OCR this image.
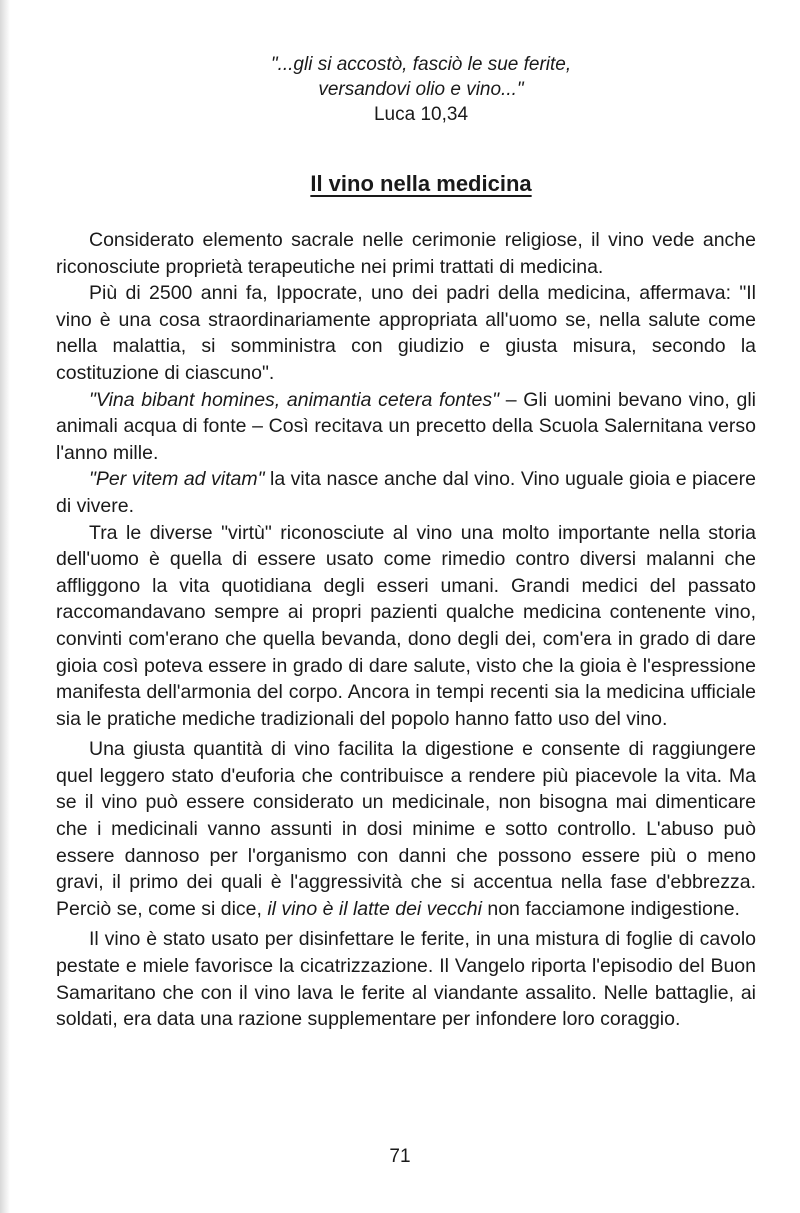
"...gli si accostò, fasciò le sue ferite,
versandovi olio e vino..."
Luca 10,34
Il vino nella medicina

Considerato elemento sacrale nelle cerimonie religiose, il vino vede anche riconosciute proprietà terapeutiche nei primi trattati di medicina.

Più di 2500 anni fa, Ippocrate, uno dei padri della medicina, affermava: "Il vino è una cosa straordinariamente appropriata all'uomo se, nella salute come nella malattia, si somministra con giudizio e giusta misura, secondo la costituzione di ciascuno".

"Vina bibant homines, animantia cetera fontes" – Gli uomini bevano vino, gli animali acqua di fonte – Così recitava un precetto della Scuola Salernitana verso l'anno mille.

"Per vitem ad vitam" la vita nasce anche dal vino. Vino uguale gioia e piacere di vivere.

Tra le diverse "virtù" riconosciute al vino una molto importante nella storia dell'uomo è quella di essere usato come rimedio contro diversi malanni che affliggono la vita quotidiana degli esseri umani. Grandi medici del passato raccomandavano sempre ai propri pazienti qualche medicina contenente vino, convinti com'erano che quella bevanda, dono degli dei, com'era in grado di dare gioia così poteva essere in grado di dare salute, visto che la gioia è l'espressione manifesta dell'armonia del corpo. Ancora in tempi recenti sia la medicina ufficiale sia le pratiche mediche tradizionali del popolo hanno fatto uso del vino.

Una giusta quantità di vino facilita la digestione e consente di raggiungere quel leggero stato d'euforia che contribuisce a rendere più piacevole la vita. Ma se il vino può essere considerato un medicinale, non bisogna mai dimenticare che i medicinali vanno assunti in dosi minime e sotto controllo. L'abuso può essere dannoso per l'organismo con danni che possono essere più o meno gravi, il primo dei quali è l'aggressività che si accentua nella fase d'ebbrezza. Perciò se, come si dice, il vino è il latte dei vecchi non facciamone indigestione.

Il vino è stato usato per disinfettare le ferite, in una mistura di foglie di cavolo pestate e miele favorisce la cicatrizzazione. Il Vangelo riporta l'episodio del Buon Samaritano che con il vino lava le ferite al viandante assalito. Nelle battaglie, ai soldati, era data una razione supplementare per infondere loro coraggio.

71
